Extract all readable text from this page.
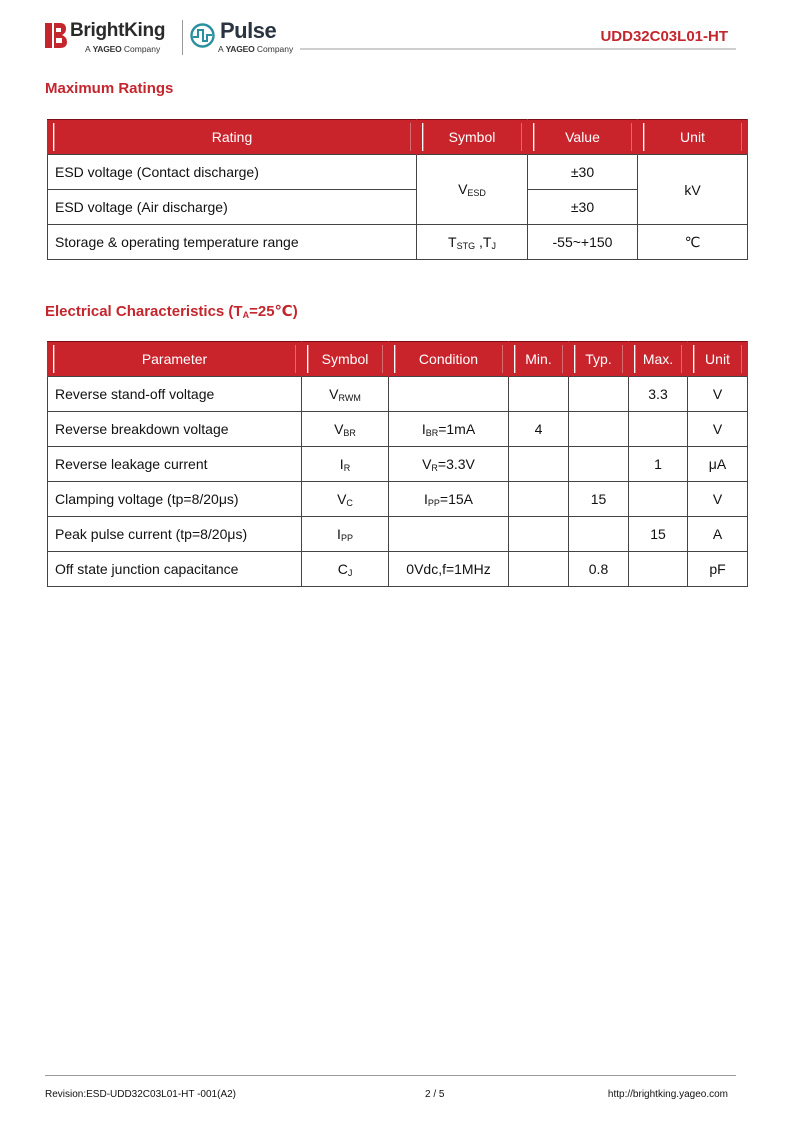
BrightKing
A YAGEO Company
Pulse
A YAGEO Company
UDD32C03L01-HT
Maximum Ratings
Rating	Symbol	Value	Unit

ESD voltage (Contact discharge)	$V_{ESD}$	±30	kV
ESD voltage (Air discharge)		±30	
Storage & operating temperature range	$T_{STG}$ $,T_J$	-55~+150	℃
Electrical Characteristics $(T_A=25℃)$
Parameter	Symbol	Condition	Min.	Typ.	Max.	Unit

Reverse stand-off voltage	$V_{RWM}$				3.3	V
Reverse breakdown voltage	$V_{BR}$	$I_{BR}=1mA$	4			V
Reverse leakage current	$I_R$	$V_R=3.3V$			1	μA
Clamping voltage (tp=8/20μs)	$V_C$	$I_{PP}=15A$		15		V
Peak pulse current (tp=8/20μs)	$I_{PP}$				15	A
Off state junction capacitance	$C_J$	0Vdc,f=1MHz		0.8		pF
Revision:ESD-UDD32C03L01-HT -001(A2)	2 / 5	http://brightking.yageo.com
